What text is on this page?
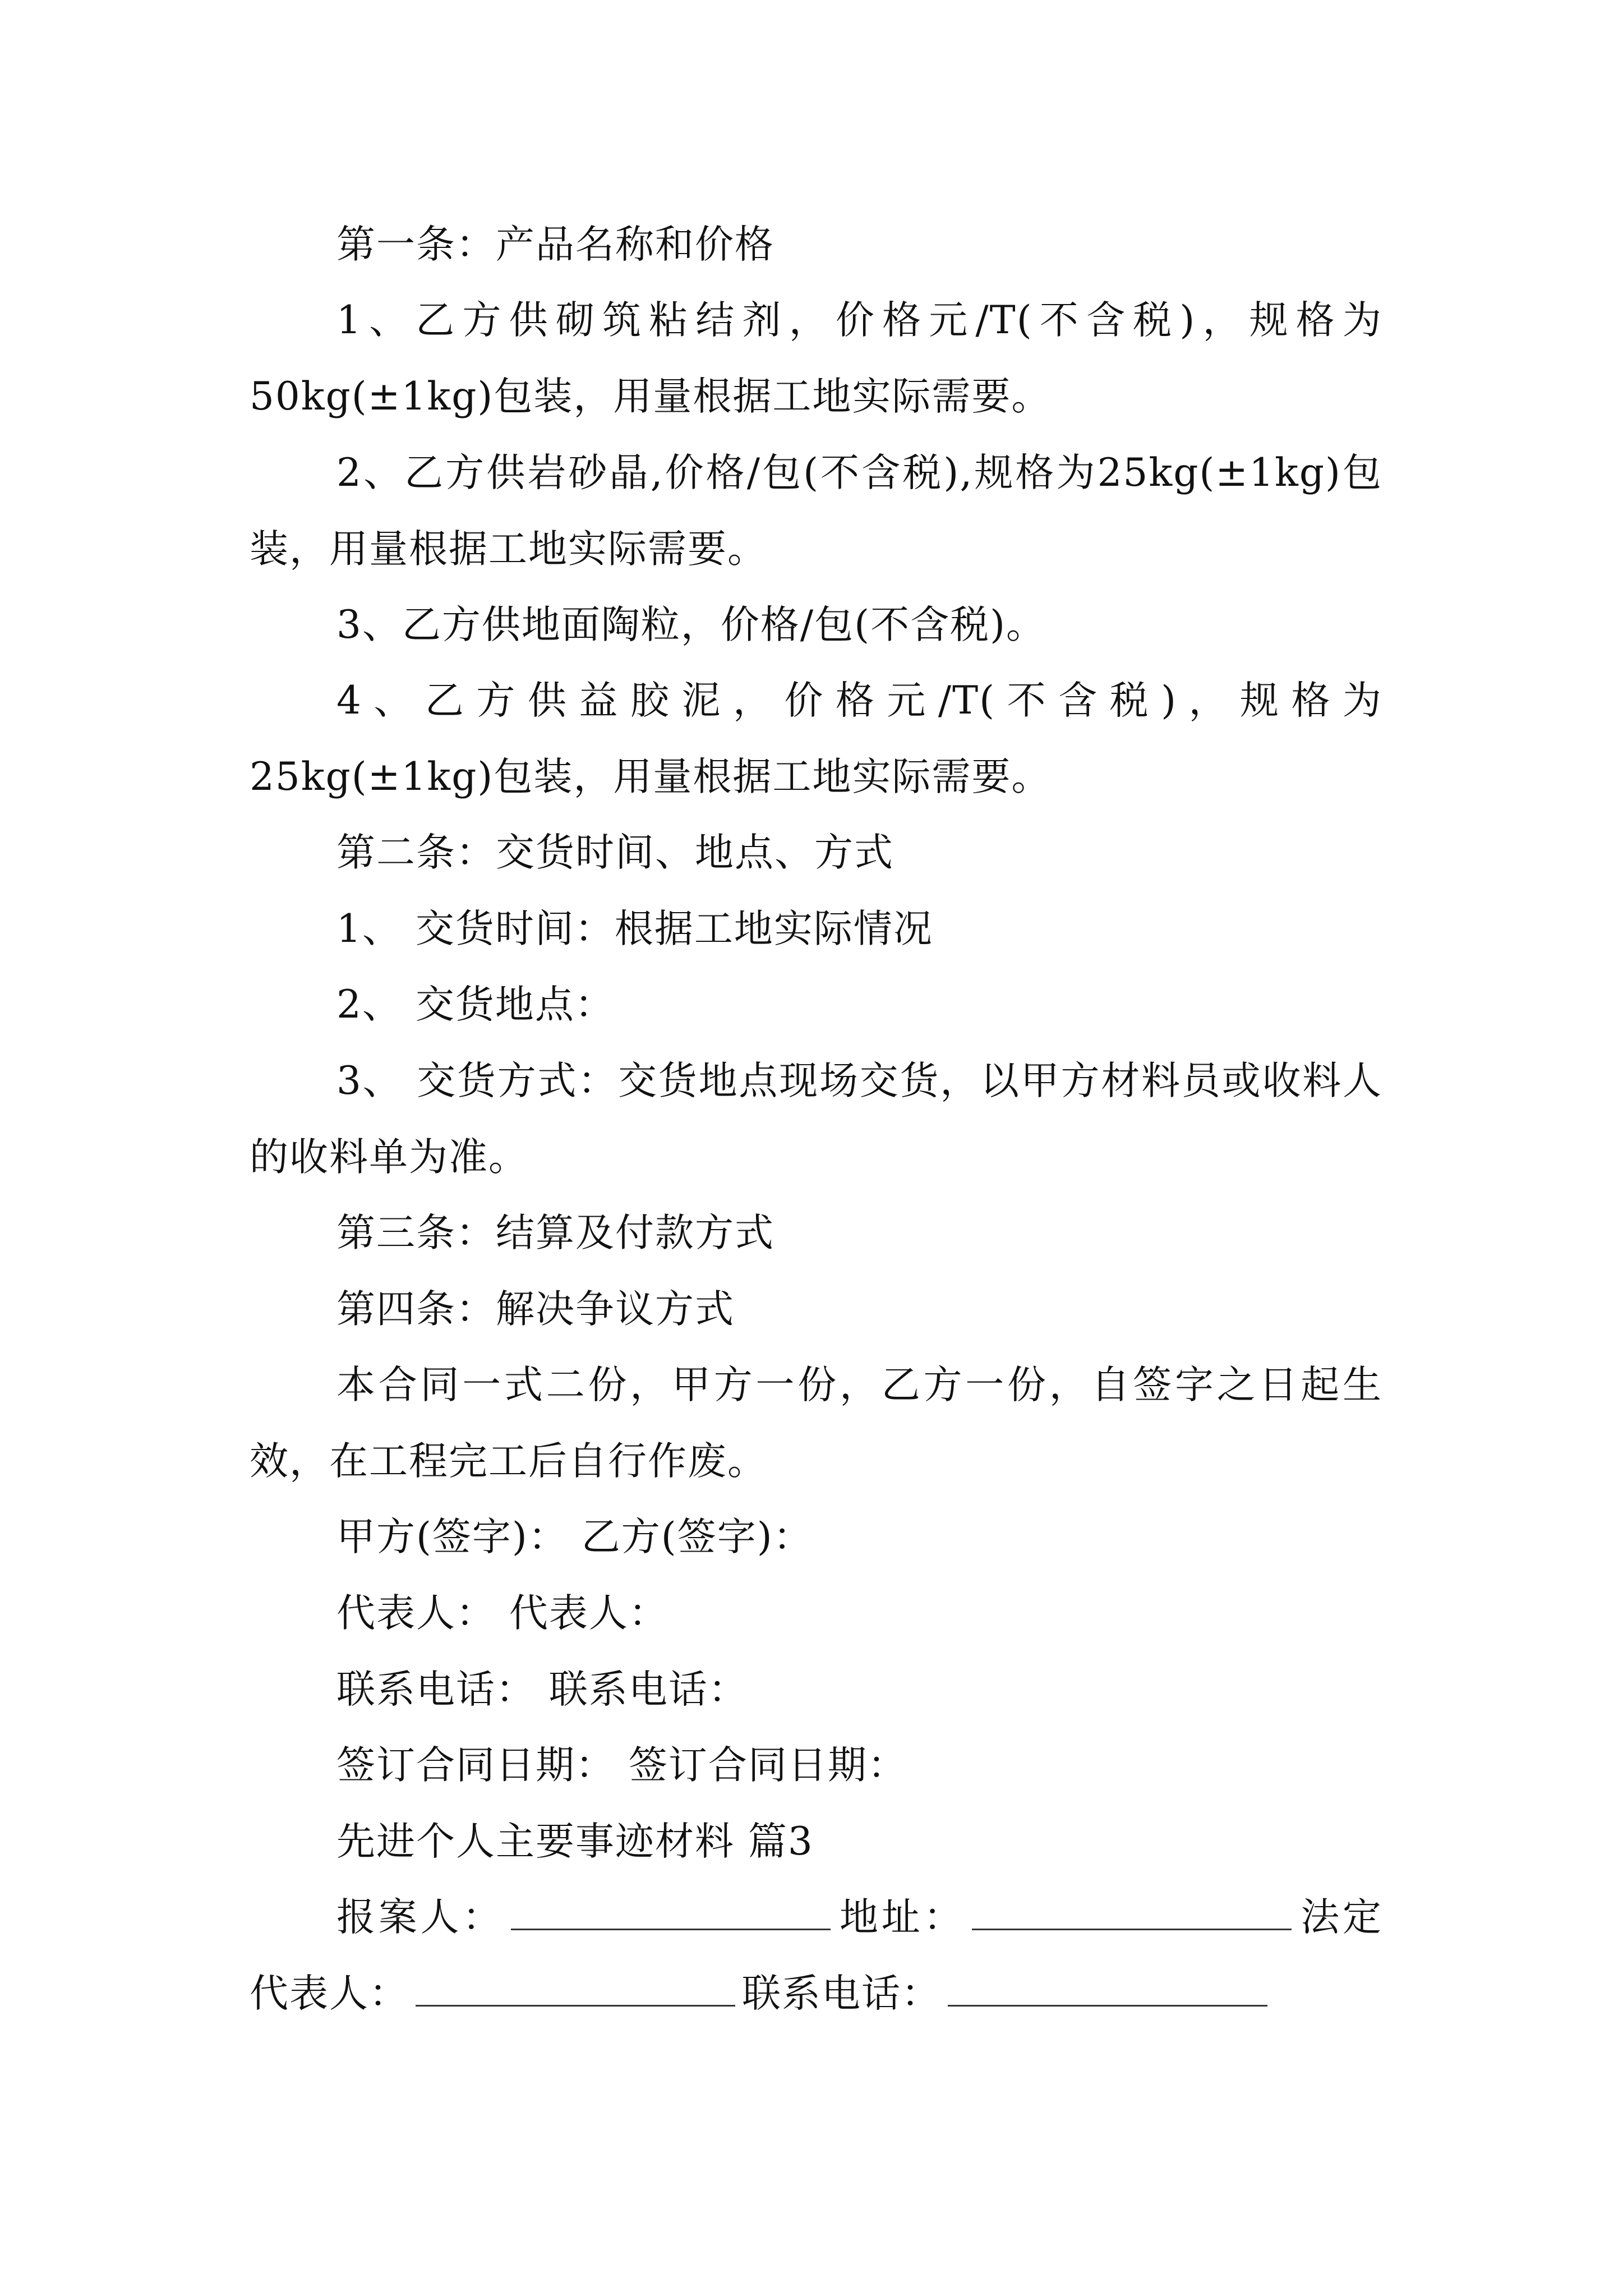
第一条：产品名称和价格

1、乙方供砌筑粘结剂，价格元/T(不含税)，规格为50kg(±1kg)包装，用量根据工地实际需要。

2、乙方供岩砂晶,价格/包(不含税),规格为25kg(±1kg)包装，用量根据工地实际需要。

3、乙方供地面陶粒，价格/包(不含税)。

4、乙方供益胶泥，价格元/T(不含税)，规格为25kg(±1kg)包装，用量根据工地实际需要。

第二条：交货时间、地点、方式

1、 交货时间：根据工地实际情况

2、 交货地点：

3、 交货方式：交货地点现场交货，以甲方材料员或收料人的收料单为准。

第三条：结算及付款方式

第四条：解决争议方式

本合同一式二份，甲方一份，乙方一份，自签字之日起生效，在工程完工后自行作废。

甲方(签字)： 乙方(签字)：

代表人： 代表人：

联系电话： 联系电话：

签订合同日期： 签订合同日期：

先进个人主要事迹材料 篇3

报案人：	地址：	法定代表人：	联系电话：
